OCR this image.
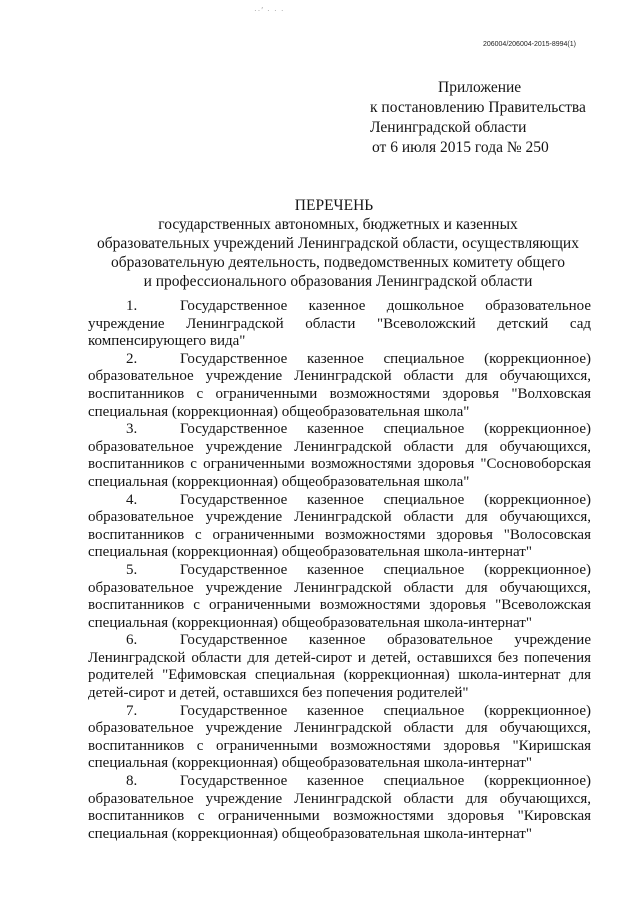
··′ · · ·
206004/206004-2015-8994(1)
Приложение
к постановлению Правительства
Ленинградской области
от 6 июля 2015 года № 250
ПЕРЕЧЕНЬ
государственных автономных, бюджетных и казенных
образовательных учреждений Ленинградской области, осуществляющих
образовательную деятельность, подведомственных комитету общего
и профессионального образования Ленинградской области

1.	Государственное казенное дошкольное образовательное учреждение Ленинградской области "Всеволожский детский сад компенсирующего вида"

2.	Государственное казенное специальное (коррекционное) образовательное учреждение Ленинградской области для обучающихся, воспитанников с ограниченными возможностями здоровья "Волховская специальная (коррекционная) общеобразовательная школа"

3.	Государственное казенное специальное (коррекционное) образовательное учреждение Ленинградской области для обучающихся, воспитанников с ограниченными возможностями здоровья "Сосновоборская специальная (коррекционная) общеобразовательная школа"

4.	Государственное казенное специальное (коррекционное) образовательное учреждение Ленинградской области для обучающихся, воспитанников с ограниченными возможностями здоровья "Волосовская специальная (коррекционная) общеобразовательная школа-интернат"

5.	Государственное казенное специальное (коррекционное) образовательное учреждение Ленинградской области для обучающихся, воспитанников с ограниченными возможностями здоровья "Всеволожская специальная (коррекционная) общеобразовательная школа-интернат"

6.	Государственное казенное образовательное учреждение Ленинградской области для детей-сирот и детей, оставшихся без попечения родителей "Ефимовская специальная (коррекционная) школа-интернат для детей-сирот и детей, оставшихся без попечения родителей"

7.	Государственное казенное специальное (коррекционное) образовательное учреждение Ленинградской области для обучающихся, воспитанников с ограниченными возможностями здоровья "Киришская специальная (коррекционная) общеобразовательная школа-интернат"

8.	Государственное казенное специальное (коррекционное) образовательное учреждение Ленинградской области для обучающихся, воспитанников с ограниченными возможностями здоровья "Кировская специальная (коррекционная) общеобразовательная школа-интернат"
